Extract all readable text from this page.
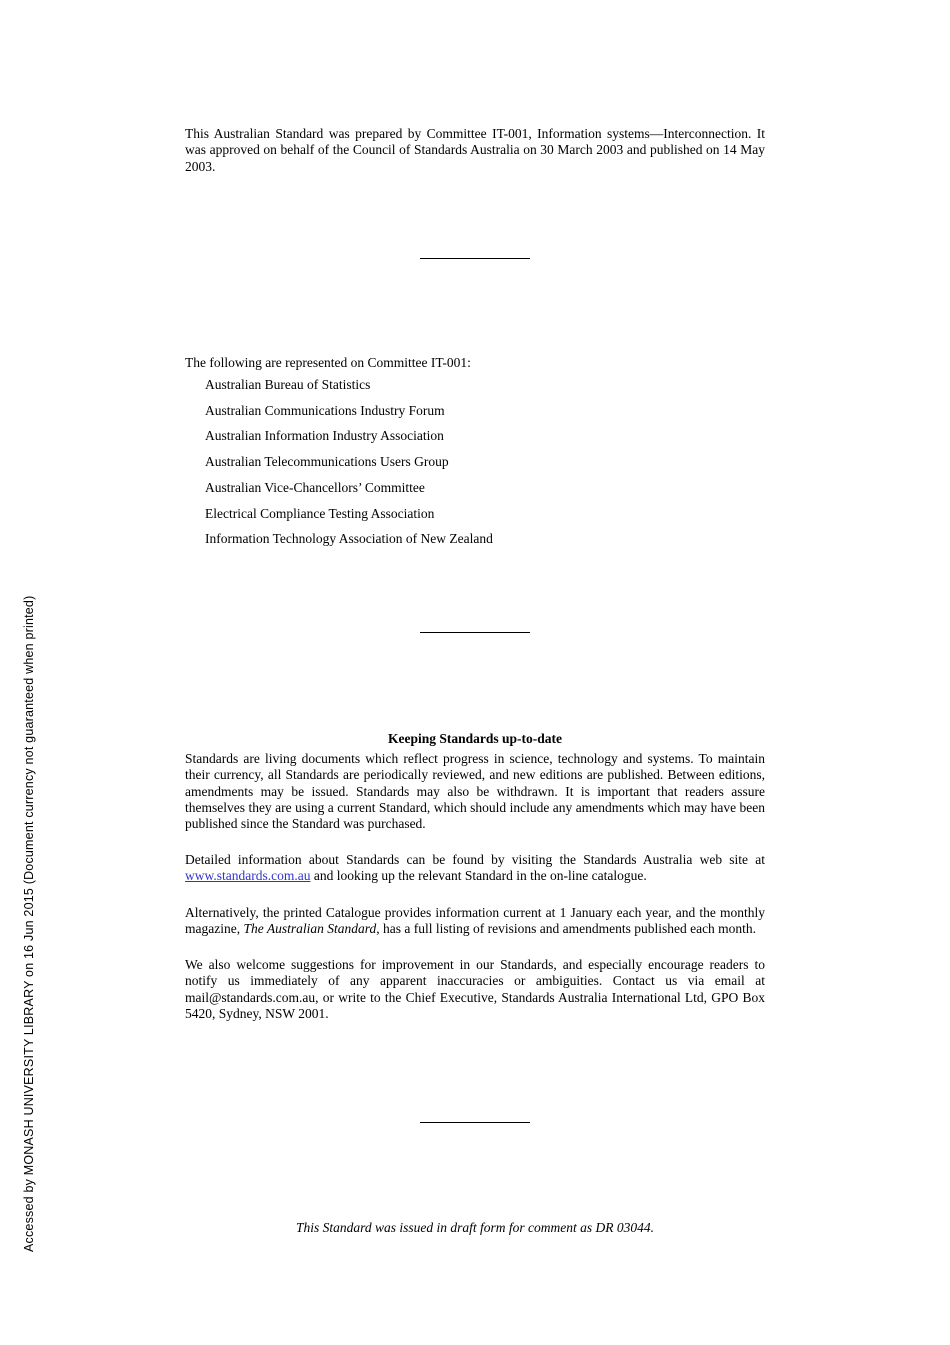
Accessed by MONASH UNIVERSITY LIBRARY on 16 Jun 2015 (Document currency not guaranteed when printed)
This Australian Standard was prepared by Committee IT-001, Information systems—Interconnection. It was approved on behalf of the Council of Standards Australia on 30 March 2003 and published on 14 May 2003.
The following are represented on Committee IT-001:
Australian Bureau of Statistics
Australian Communications Industry Forum
Australian Information Industry Association
Australian Telecommunications Users Group
Australian Vice-Chancellors’ Committee
Electrical Compliance Testing Association
Information Technology Association of New Zealand
Keeping Standards up-to-date
Standards are living documents which reflect progress in science, technology and systems. To maintain their currency, all Standards are periodically reviewed, and new editions are published. Between editions, amendments may be issued. Standards may also be withdrawn. It is important that readers assure themselves they are using a current Standard, which should include any amendments which may have been published since the Standard was purchased.
Detailed information about Standards can be found by visiting the Standards Australia web site at www.standards.com.au and looking up the relevant Standard in the on-line catalogue.
Alternatively, the printed Catalogue provides information current at 1 January each year, and the monthly magazine, The Australian Standard, has a full listing of revisions and amendments published each month.
We also welcome suggestions for improvement in our Standards, and especially encourage readers to notify us immediately of any apparent inaccuracies or ambiguities. Contact us via email at mail@standards.com.au, or write to the Chief Executive, Standards Australia International Ltd, GPO Box 5420, Sydney, NSW 2001.
This Standard was issued in draft form for comment as DR 03044.
